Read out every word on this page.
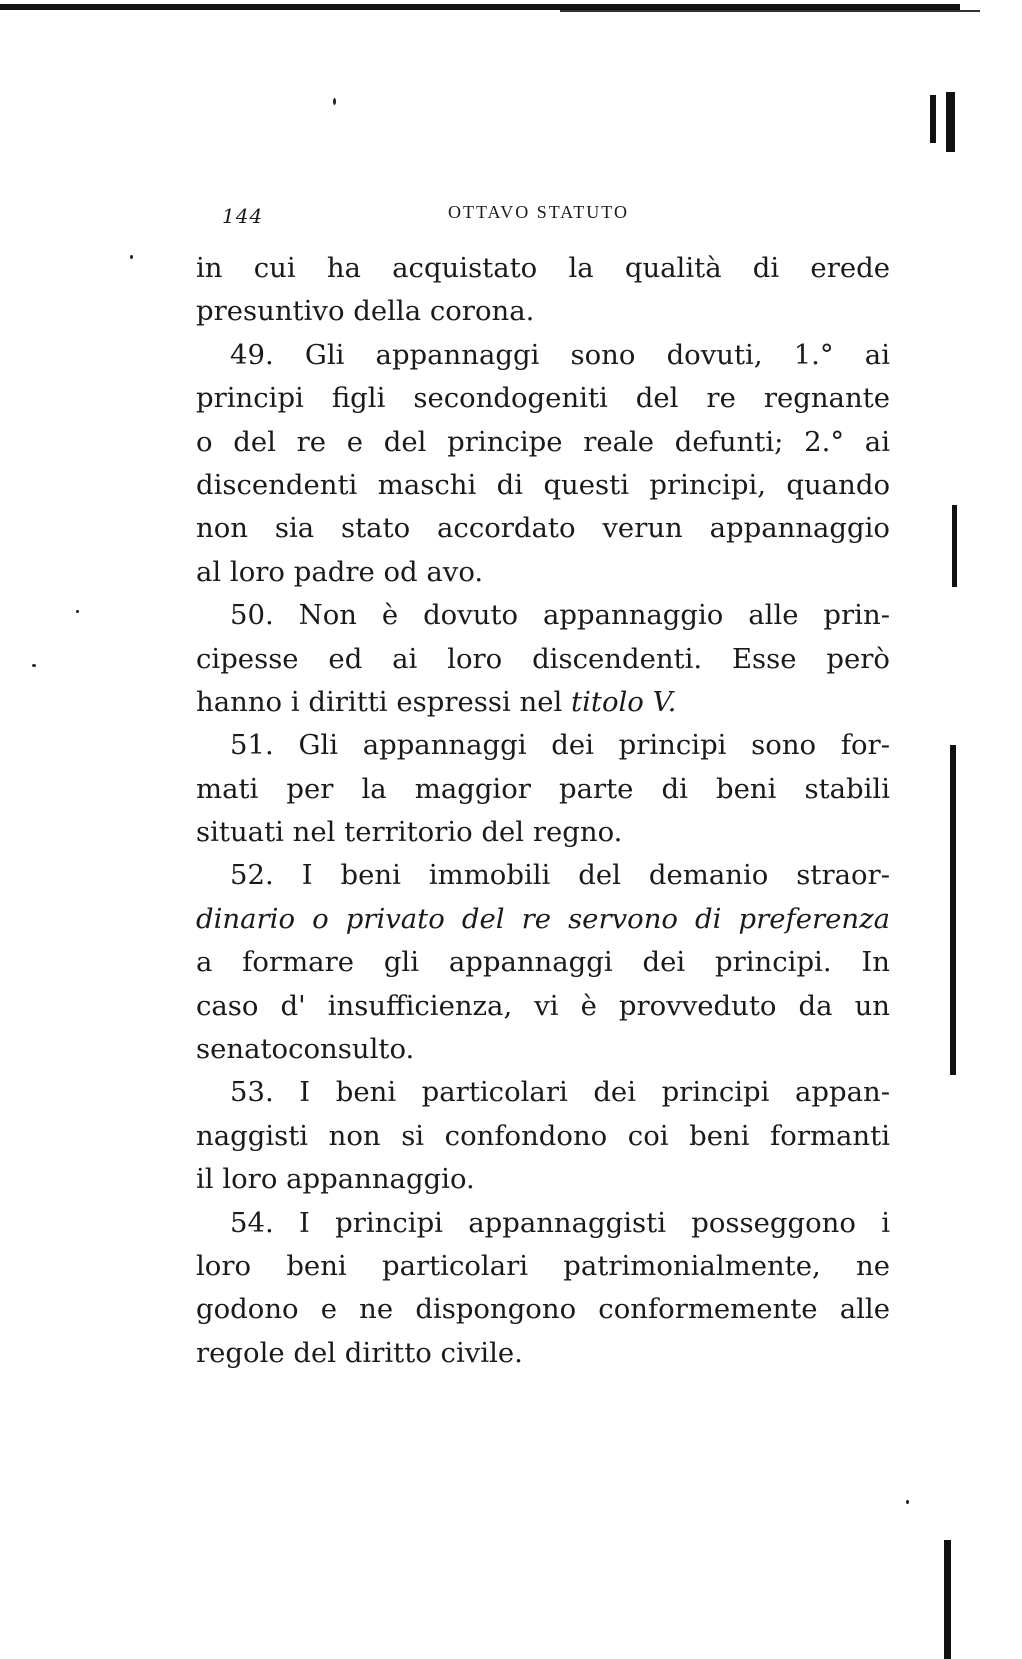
144	OTTAVO STATUTO
in cui ha acquistato la qualità di erede
presuntivo della corona.
49. Gli appannaggi sono dovuti, 1.° ai
principi figli secondogeniti del re regnante
o del re e del principe reale defunti; 2.° ai
discendenti maschi di questi principi, quando
non sia stato accordato verun appannaggio
al loro padre od avo.
50. Non è dovuto appannaggio alle prin-
cipesse ed ai loro discendenti. Esse però
hanno i diritti espressi nel titolo V.
51. Gli appannaggi dei principi sono for-
mati per la maggior parte di beni stabili
situati nel territorio del regno.
52. I beni immobili del demanio straor-
dinario o privato del re servono di preferenza
a formare gli appannaggi dei principi. In
caso d' insufficienza, vi è provveduto da un
senatoconsulto.
53. I beni particolari dei principi appan-
naggisti non si confondono coi beni formanti
il loro appannaggio.
54. I principi appannaggisti posseggono i
loro beni particolari patrimonialmente, ne
godono e ne dispongono conformemente alle
regole del diritto civile.
